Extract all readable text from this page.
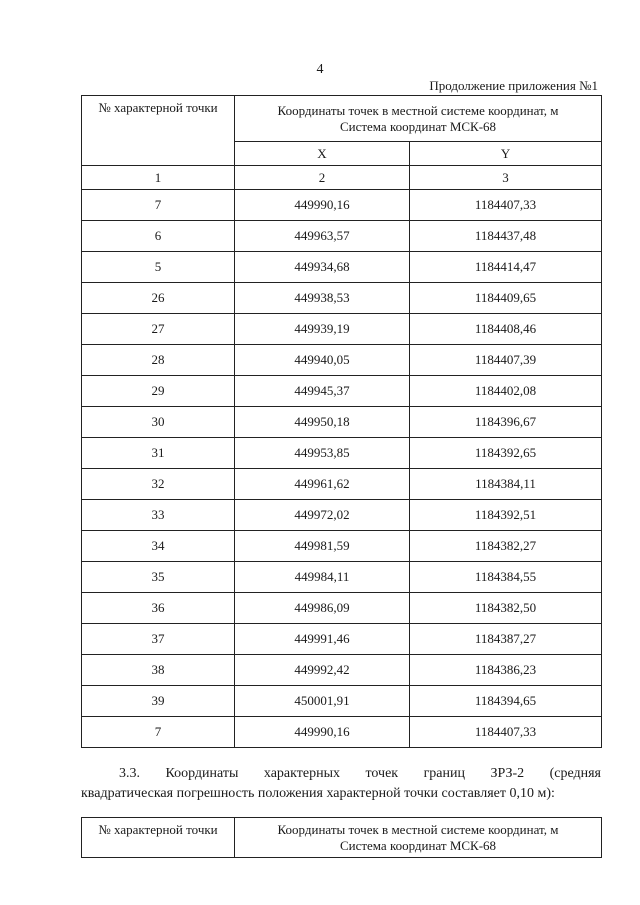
4
Продолжение приложения №1
№ характерной точки	Координаты точек в местной системе координат, м
Система координат МСК-68	

	X	Y
1	2	3
7	449990,16	1184407,33
6	449963,57	1184437,48
5	449934,68	1184414,47
26	449938,53	1184409,65
27	449939,19	1184408,46
28	449940,05	1184407,39
29	449945,37	1184402,08
30	449950,18	1184396,67
31	449953,85	1184392,65
32	449961,62	1184384,11
33	449972,02	1184392,51
34	449981,59	1184382,27
35	449984,11	1184384,55
36	449986,09	1184382,50
37	449991,46	1184387,27
38	449992,42	1184386,23
39	450001,91	1184394,65
7	449990,16	1184407,33
3.3. Координаты характерных точек границ ЗРЗ-2 (средняя
квадратическая погрешность положения характерной точки составляет 0,10 м):
№ характерной точки	Координаты точек в местной системе координат, м
Система координат МСК-68
